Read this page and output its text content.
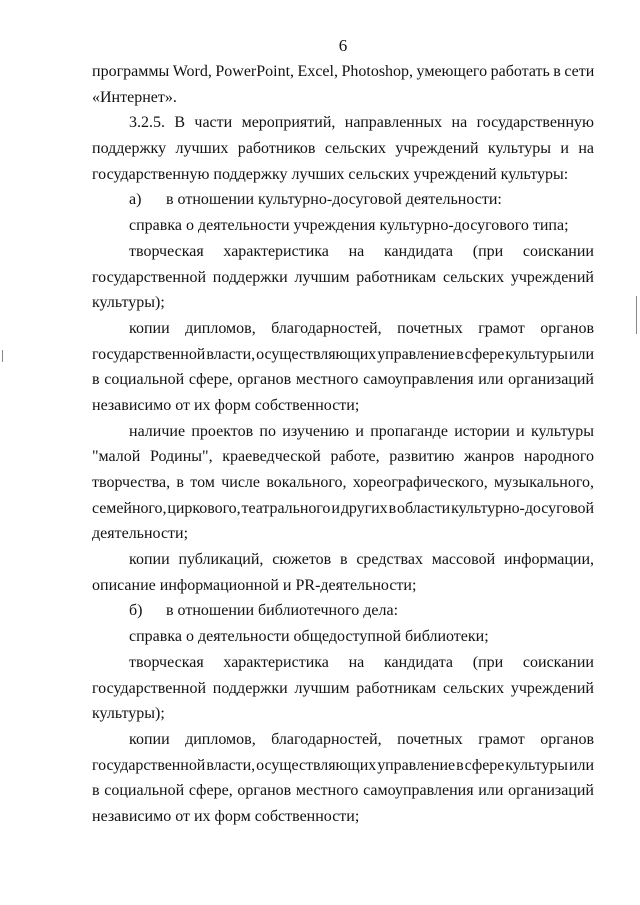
6
программы Word, PowerPoint, Excel, Photoshop, умеющего работать в сети
«Интернет».
3.2.5. В части мероприятий, направленных на государственную
поддержку лучших работников сельских учреждений культуры и на
государственную поддержку лучших сельских учреждений культуры:
а) в отношении культурно-досуговой деятельности:
справка о деятельности учреждения культурно-досугового типа;
творческая характеристика на кандидата (при соискании
государственной поддержки лучшим работникам сельских учреждений
культуры);
копии дипломов, благодарностей, почетных грамот органов
государственной власти, осуществляющих управление в сфере культуры или
в социальной сфере, органов местного самоуправления или организаций
независимо от их форм собственности;
наличие проектов по изучению и пропаганде истории и культуры
"малой Родины", краеведческой работе, развитию жанров народного
творчества, в том числе вокального, хореографического, музыкального,
семейного, циркового, театрального и других в области культурно-досуговой
деятельности;
копии публикаций, сюжетов в средствах массовой информации,
описание информационной и PR-деятельности;
б) в отношении библиотечного дела:
справка о деятельности общедоступной библиотеки;
творческая характеристика на кандидата (при соискании
государственной поддержки лучшим работникам сельских учреждений
культуры);
копии дипломов, благодарностей, почетных грамот органов
государственной власти, осуществляющих управление в сфере культуры или
в социальной сфере, органов местного самоуправления или организаций
независимо от их форм собственности;
